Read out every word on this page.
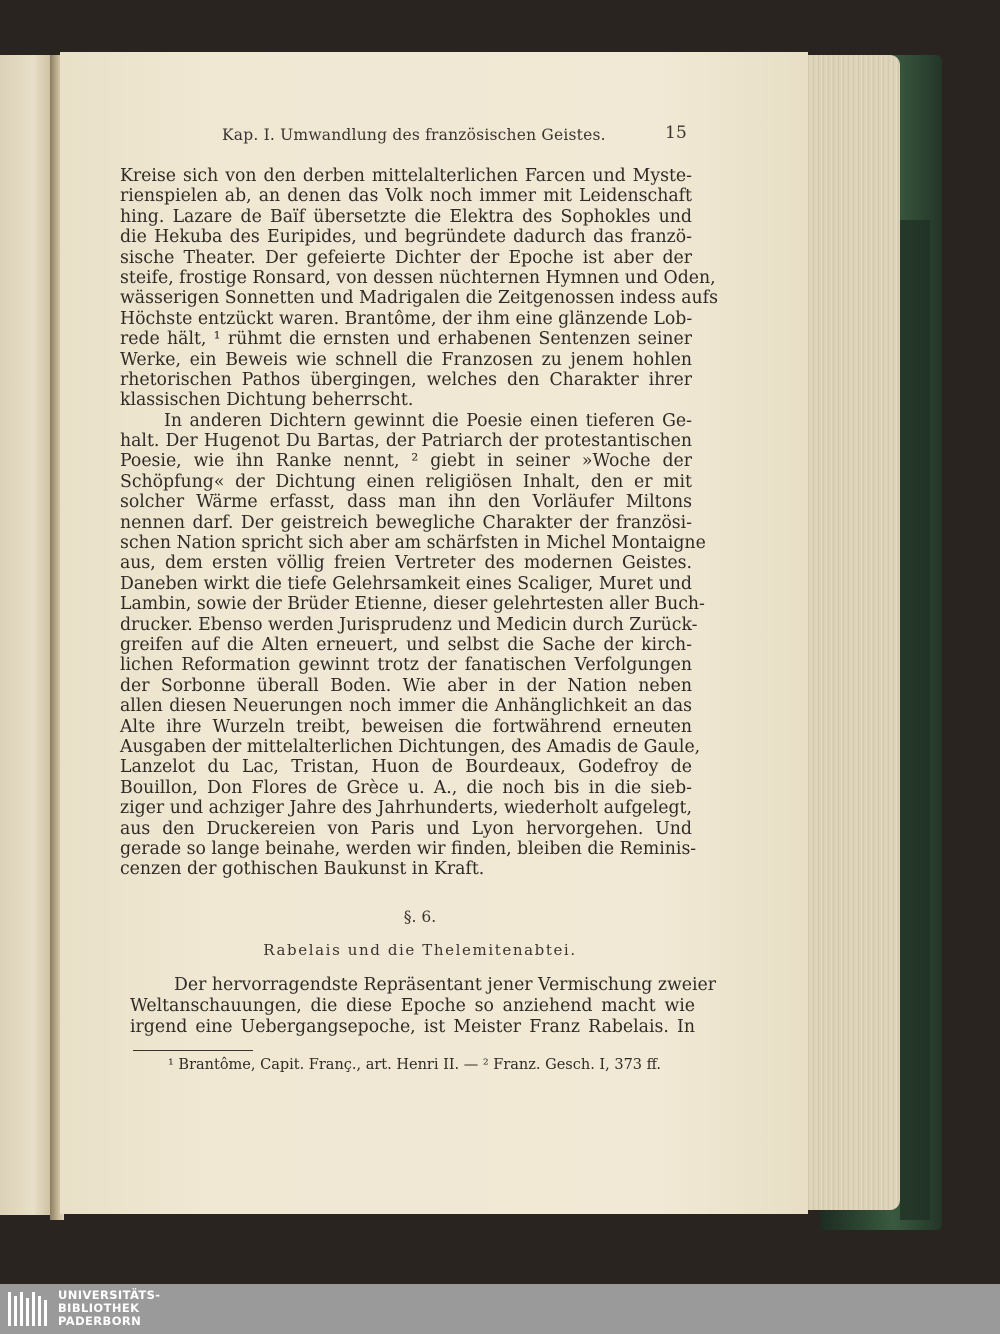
Kap. I. Umwandlung des französischen Geistes.	15
Kreise sich von den derben mittelalterlichen Farcen und Myste-
rienspielen ab, an denen das Volk noch immer mit Leidenschaft
hing. Lazare de Baïf übersetzte die Elektra des Sophokles und
die Hekuba des Euripides, und begründete dadurch das franzö-
sische Theater. Der gefeierte Dichter der Epoche ist aber der
steife, frostige Ronsard, von dessen nüchternen Hymnen und Oden,
wässerigen Sonnetten und Madrigalen die Zeitgenossen indess aufs
Höchste entzückt waren. Brantôme, der ihm eine glänzende Lob-
rede hält, ¹ rühmt die ernsten und erhabenen Sentenzen seiner
Werke, ein Beweis wie schnell die Franzosen zu jenem hohlen
rhetorischen Pathos übergingen, welches den Charakter ihrer
klassischen Dichtung beherrscht.
In anderen Dichtern gewinnt die Poesie einen tieferen Ge-
halt. Der Hugenot Du Bartas, der Patriarch der protestantischen
Poesie, wie ihn Ranke nennt, ² giebt in seiner »Woche der
Schöpfung« der Dichtung einen religiösen Inhalt, den er mit
solcher Wärme erfasst, dass man ihn den Vorläufer Miltons
nennen darf. Der geistreich bewegliche Charakter der französi-
schen Nation spricht sich aber am schärfsten in Michel Montaigne
aus, dem ersten völlig freien Vertreter des modernen Geistes.
Daneben wirkt die tiefe Gelehrsamkeit eines Scaliger, Muret und
Lambin, sowie der Brüder Etienne, dieser gelehrtesten aller Buch-
drucker. Ebenso werden Jurisprudenz und Medicin durch Zurück-
greifen auf die Alten erneuert, und selbst die Sache der kirch-
lichen Reformation gewinnt trotz der fanatischen Verfolgungen
der Sorbonne überall Boden. Wie aber in der Nation neben
allen diesen Neuerungen noch immer die Anhänglichkeit an das
Alte ihre Wurzeln treibt, beweisen die fortwährend erneuten
Ausgaben der mittelalterlichen Dichtungen, des Amadis de Gaule,
Lanzelot du Lac, Tristan, Huon de Bourdeaux, Godefroy de
Bouillon, Don Flores de Grèce u. A., die noch bis in die sieb-
ziger und achziger Jahre des Jahrhunderts, wiederholt aufgelegt,
aus den Druckereien von Paris und Lyon hervorgehen. Und
gerade so lange beinahe, werden wir finden, bleiben die Reminis-
cenzen der gothischen Baukunst in Kraft.
§. 6.
Rabelais und die Thelemitenabtei.
Der hervorragendste Repräsentant jener Vermischung zweier
Weltanschauungen, die diese Epoche so anziehend macht wie
irgend eine Uebergangsepoche, ist Meister Franz Rabelais. In
¹ Brantôme, Capit. Franç., art. Henri II. — ² Franz. Gesch. I, 373 ff.
UNIVERSITÄTS-
BIBLIOTHEK
PADERBORN
